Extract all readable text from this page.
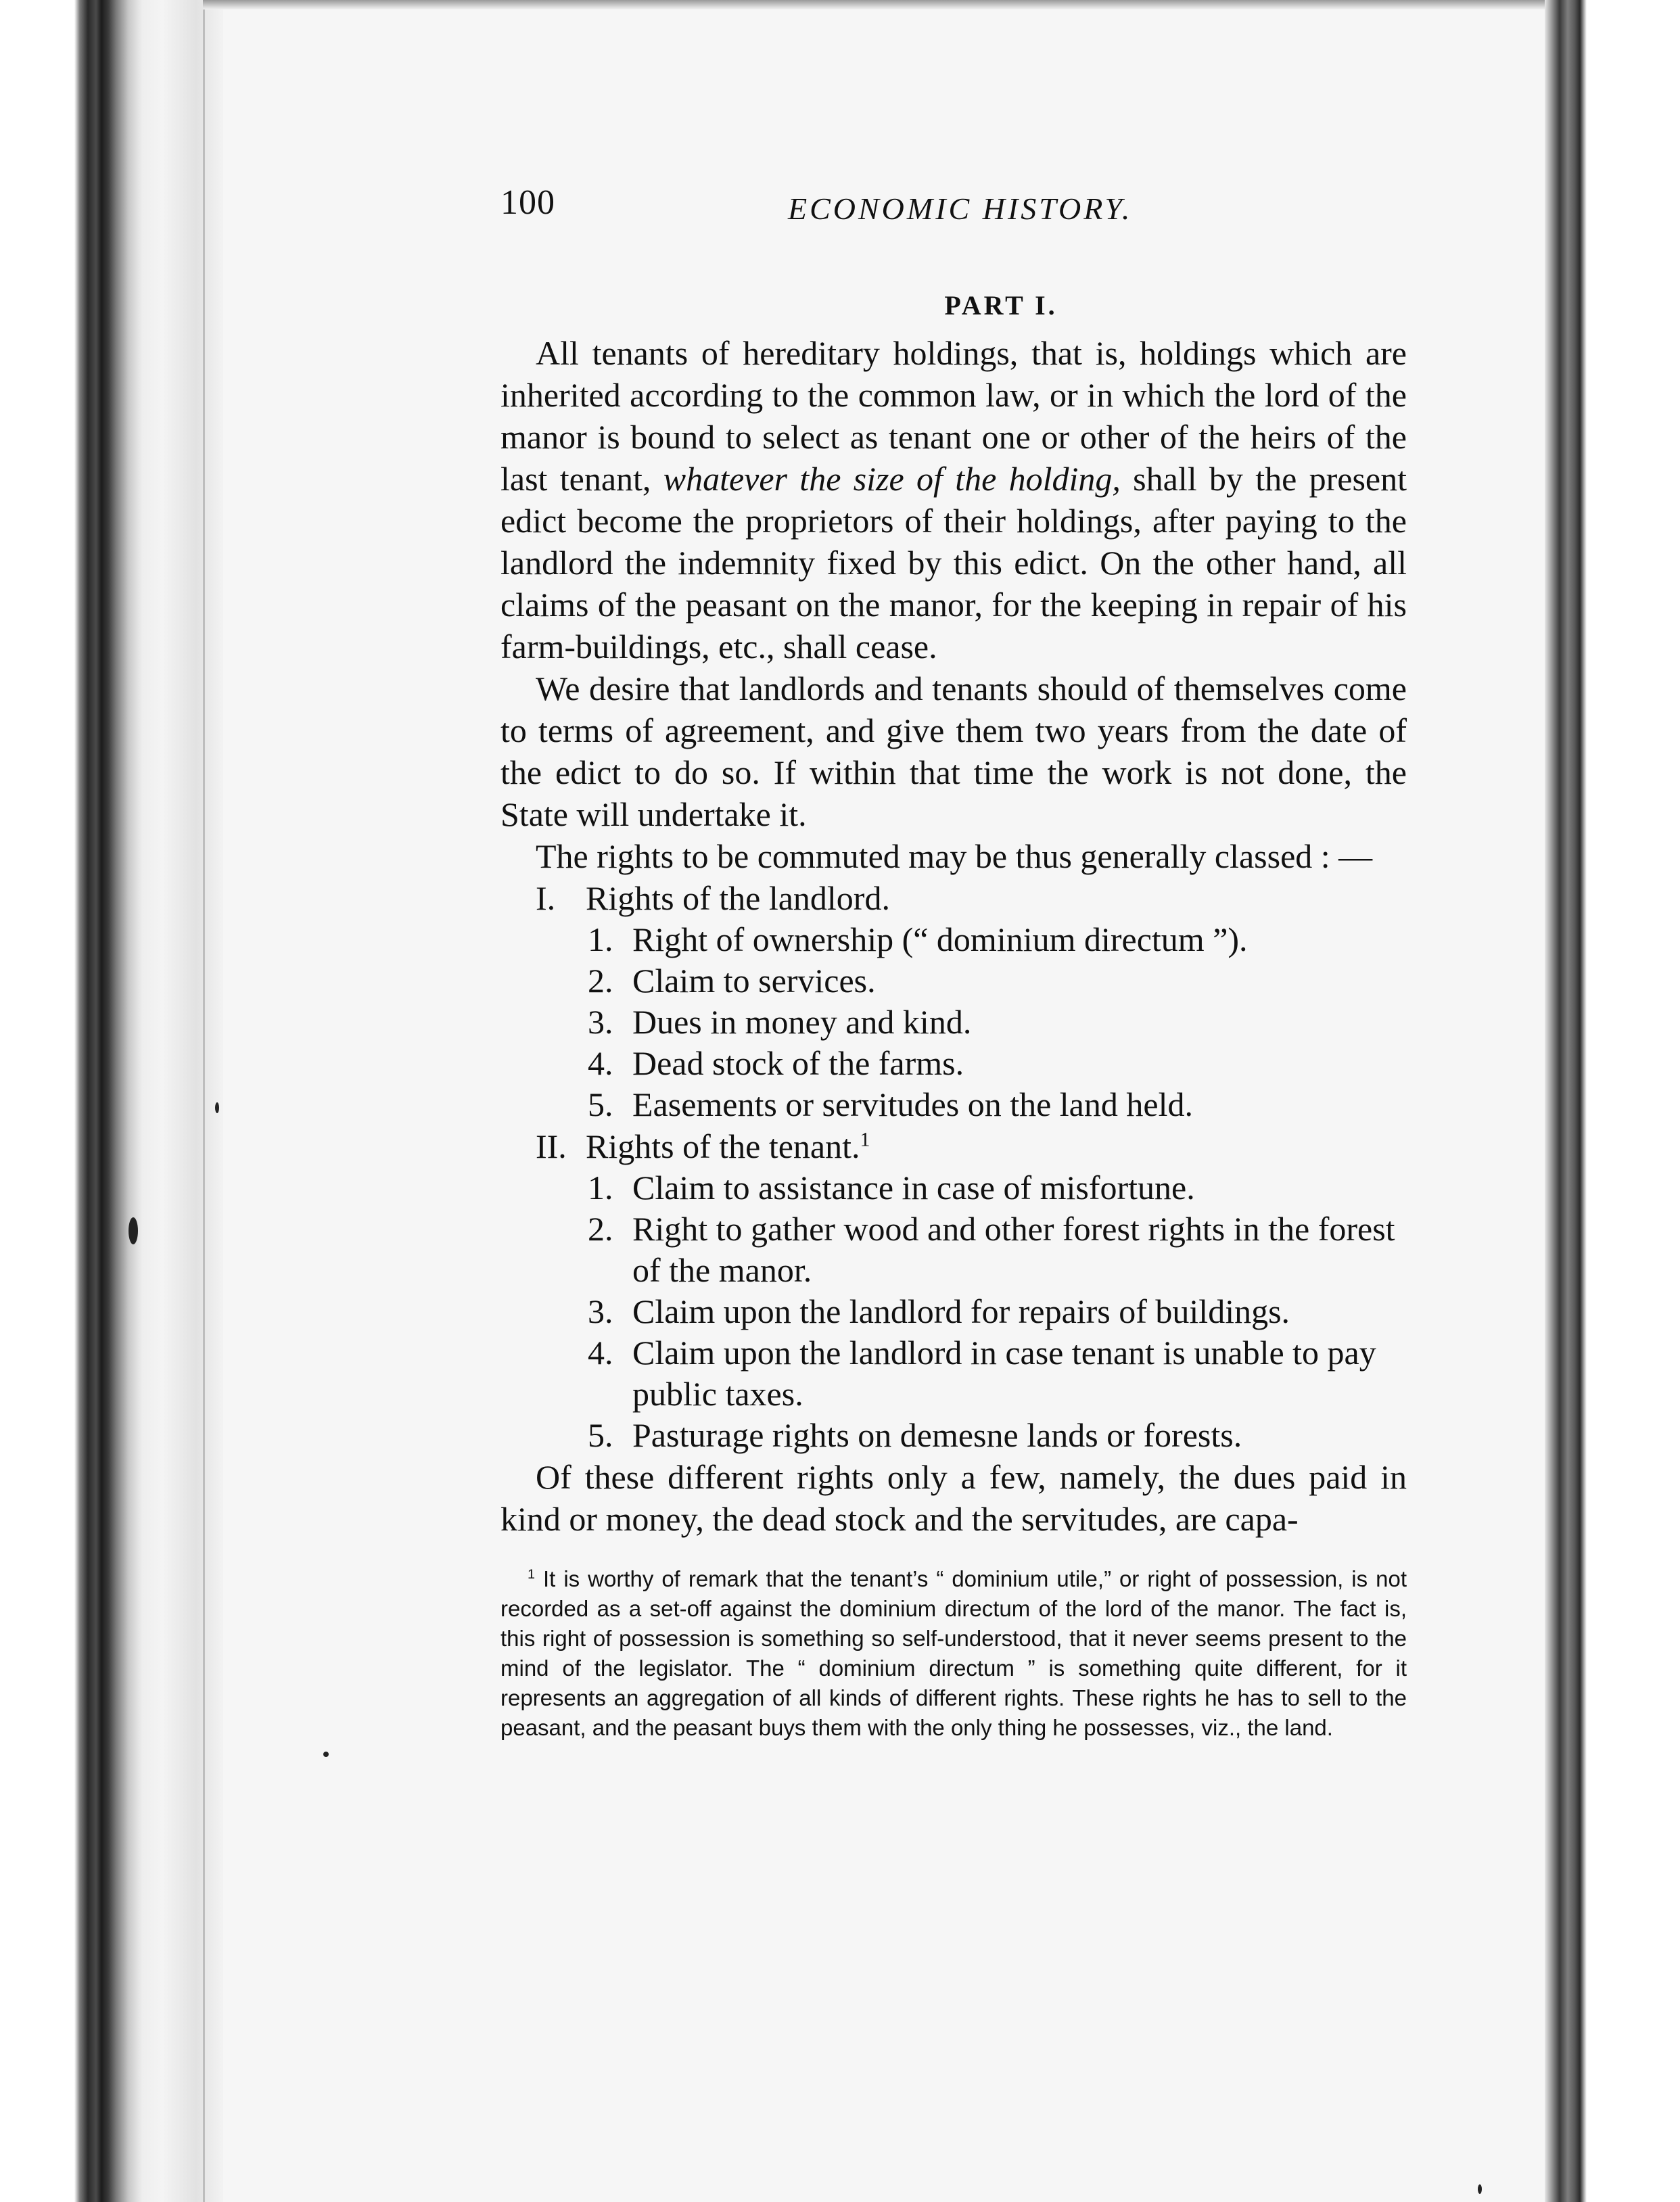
100	ECONOMIC HISTORY.
PART I.

All tenants of hereditary holdings, that is, holdings which are inherited according to the common law, or in which the lord of the manor is bound to select as tenant one or other of the heirs of the last tenant, whatever the size of the holding, shall by the present edict become the proprietors of their holdings, after paying to the landlord the indemnity fixed by this edict. On the other hand, all claims of the peasant on the manor, for the keeping in repair of his farm-buildings, etc., shall cease.

We desire that landlords and tenants should of themselves come to terms of agreement, and give them two years from the date of the edict to do so. If within that time the work is not done, the State will undertake it.

The rights to be commuted may be thus generally classed : —

I. Rights of the landlord.
1. Right of ownership (“ dominium directum ”).
2. Claim to services.
3. Dues in money and kind.
4. Dead stock of the farms.
5. Easements or servitudes on the land held.
II. Rights of the tenant.$^1$
1. Claim to assistance in case of misfortune.
2. Right to gather wood and other forest rights in the forest of the manor.
3. Claim upon the landlord for repairs of buildings.
4. Claim upon the landlord in case tenant is unable to pay public taxes.
5. Pasturage rights on demesne lands or forests.

Of these different rights only a few, namely, the dues paid in kind or money, the dead stock and the servitudes, are capa-

$^1$ It is worthy of remark that the tenant’s “ dominium utile,” or right of possession, is not recorded as a set-off against the dominium directum of the lord of the manor. The fact is, this right of possession is something so self-understood, that it never seems present to the mind of the legislator. The “ dominium directum ” is something quite different, for it represents an aggregation of all kinds of different rights. These rights he has to sell to the peasant, and the peasant buys them with the only thing he possesses, viz., the land.
